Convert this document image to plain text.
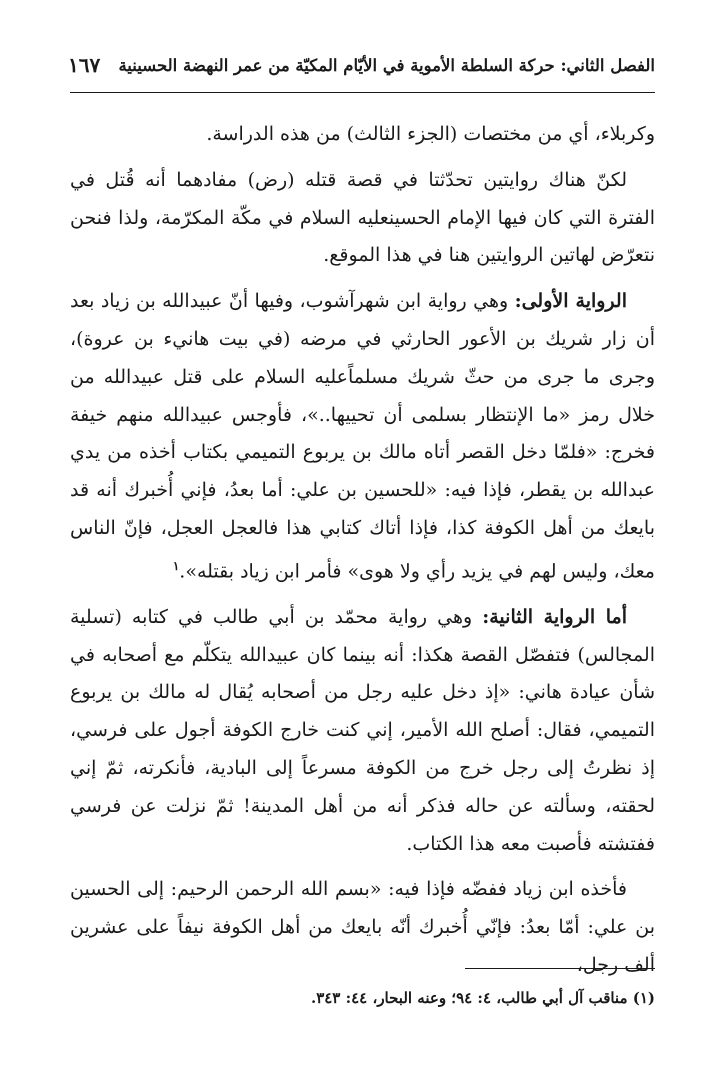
الفصل الثاني: حركة السلطة الأموية في الأيّام المكيّة من عمر النهضة الحسينية
١٦٧

وكربلاء، أي من مختصات (الجزء الثالث) من هذه الدراسة.

لكنّ هناك روايتين تحدّثتا في قصة قتله (رض) مفادهما أنه قُتل في الفترة التي كان فيها الإمام الحسينعليه السلام في مكّة المكرّمة، ولذا فنحن نتعرّض لهاتين الروايتين هنا في هذا الموقع.

الرواية الأولى: وهي رواية ابن شهرآشوب، وفيها أنّ عبيدالله بن زياد بعد أن زار شريك بن الأعور الحارثي في مرضه (في بيت هانيء بن عروة)، وجرى ما جرى من حثّ شريك مسلماًعليه السلام على قتل عبيدالله من خلال رمز «ما الإنتظار بسلمى أن تحييها..»، فأوجس عبيدالله منهم خيفة فخرج: «فلمّا دخل القصر أتاه مالك بن يربوع التميمي بكتاب أخذه من يدي عبدالله بن يقطر، فإذا فيه: «للحسين بن علي: أما بعدُ، فإني أُخبرك أنه قد بايعك من أهل الكوفة كذا، فإذا أتاك كتابي هذا فالعجل العجل، فإنّ الناس معك، وليس لهم في يزيد رأي ولا هوى» فأمر ابن زياد بقتله».$^١$

أما الرواية الثانية: وهي رواية محمّد بن أبي طالب في كتابه (تسلية المجالس) فتفصّل القصة هكذا: أنه بينما كان عبيدالله يتكلّم مع أصحابه في شأن عيادة هاني: «إذ دخل عليه رجل من أصحابه يُقال له مالك بن يربوع التميمي، فقال: أصلح الله الأمير، إني كنت خارج الكوفة أجول على فرسي، إذ نظرتُ إلى رجل خرج من الكوفة مسرعاً إلى البادية، فأنكرته، ثمّ إني لحقته، وسألته عن حاله فذكر أنه من أهل المدينة! ثمّ نزلت عن فرسي ففتشته فأصبت معه هذا الكتاب.

فأخذه ابن زياد ففضّه فإذا فيه: «بسم الله الرحمن الرحيم: إلى الحسين بن علي: أمّا بعدُ: فإنّي أُخبرك أنّه بايعك من أهل الكوفة نيفاً على عشرين ألف رجل،

(١) مناقب آل أبي طالب، ٤: ٩٤؛ وعنه البحار، ٤٤: ٣٤٣.
